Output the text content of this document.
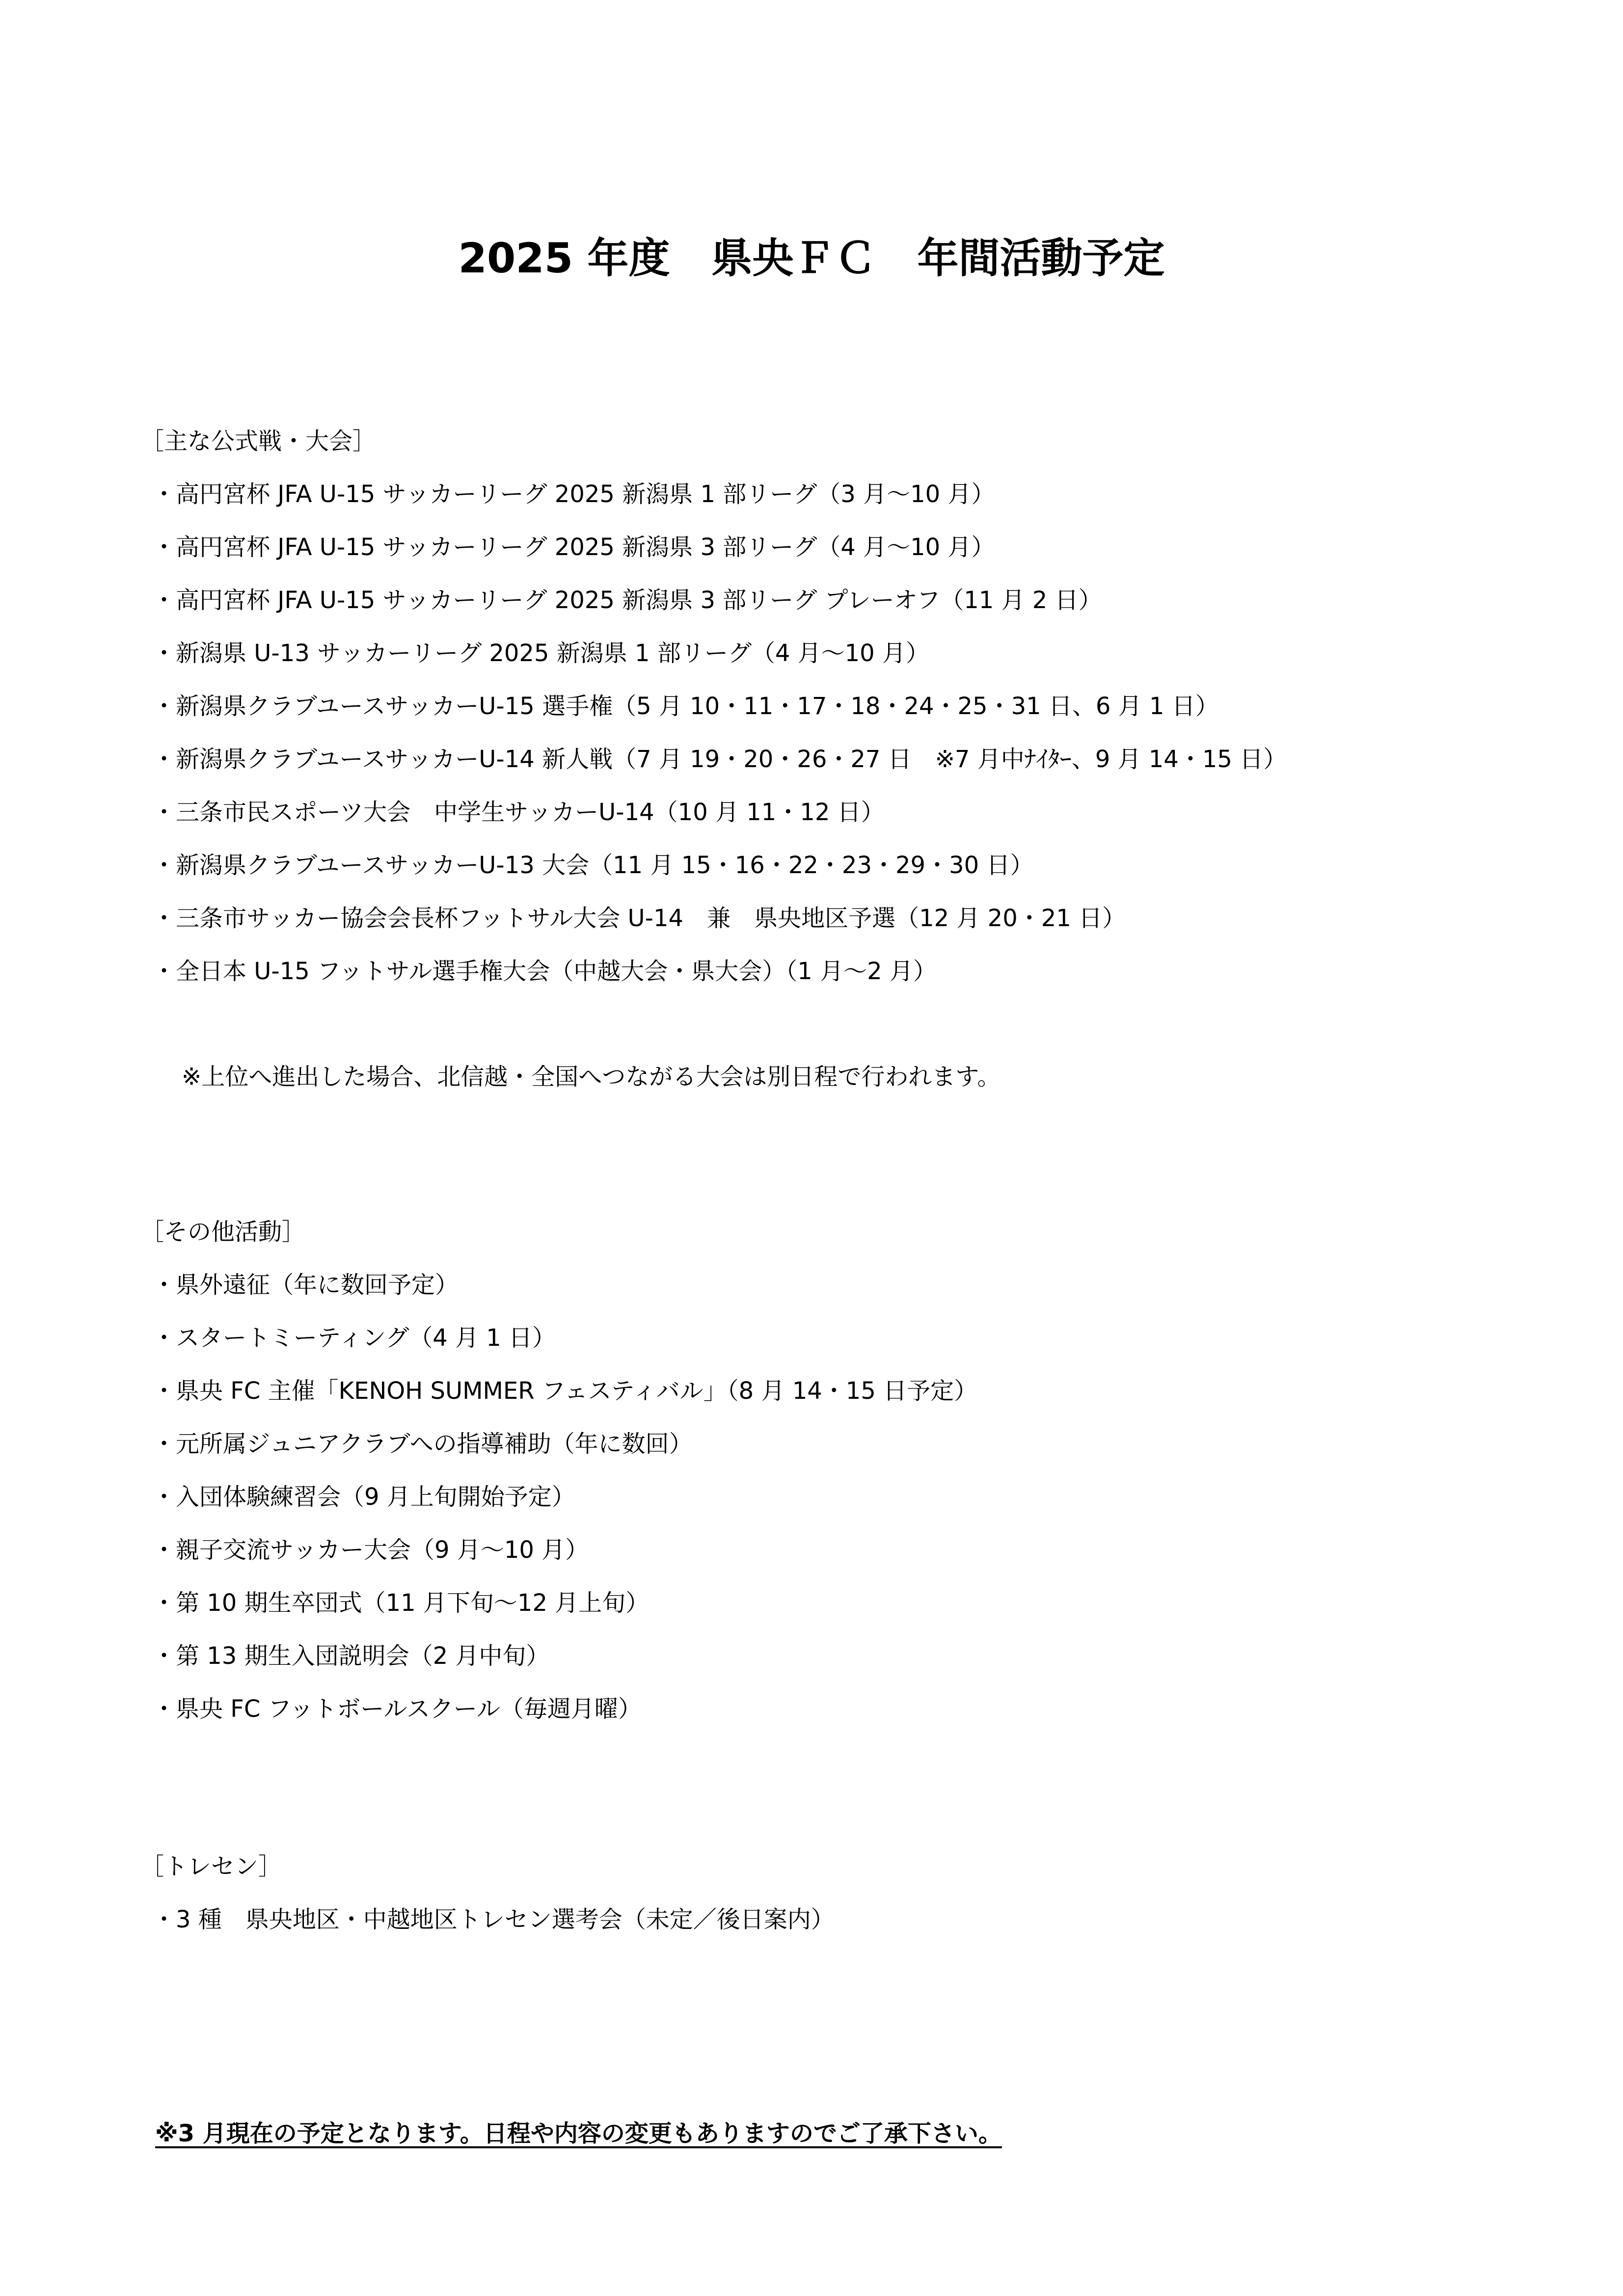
2025 年度　県央ＦＣ　年間活動予定
［主な公式戦・大会］
・高円宮杯 JFA U-15 サッカーリーグ 2025 新潟県 1 部リーグ（3 月～10 月）
・高円宮杯 JFA U-15 サッカーリーグ 2025 新潟県 3 部リーグ（4 月～10 月）
・高円宮杯 JFA U-15 サッカーリーグ 2025 新潟県 3 部リーグ プレーオフ（11 月 2 日）
・新潟県 U-13 サッカーリーグ 2025 新潟県 1 部リーグ（4 月～10 月）
・新潟県クラブユースサッカーU-15 選手権（5 月 10・11・17・18・24・25・31 日、6 月 1 日）
・新潟県クラブユースサッカーU-14 新人戦（7 月 19・20・26・27 日　※7 月中ﾅｲﾀｰ、9 月 14・15 日）
・三条市民スポーツ大会　中学生サッカーU-14（10 月 11・12 日）
・新潟県クラブユースサッカーU-13 大会（11 月 15・16・22・23・29・30 日）
・三条市サッカー協会会長杯フットサル大会 U-14　兼　県央地区予選（12 月 20・21 日）
・全日本 U-15 フットサル選手権大会（中越大会・県大会）（1 月～2 月）
※上位へ進出した場合、北信越・全国へつながる大会は別日程で行われます。
［その他活動］
・県外遠征（年に数回予定）
・スタートミーティング（4 月 1 日）
・県央 FC 主催「KENOH SUMMER フェスティバル」（8 月 14・15 日予定）
・元所属ジュニアクラブへの指導補助（年に数回）
・入団体験練習会（9 月上旬開始予定）
・親子交流サッカー大会（9 月～10 月）
・第 10 期生卒団式（11 月下旬～12 月上旬）
・第 13 期生入団説明会（2 月中旬）
・県央 FC フットボールスクール（毎週月曜）
［トレセン］
・3 種　県央地区・中越地区トレセン選考会（未定／後日案内）
※3 月現在の予定となります。日程や内容の変更もありますのでご了承下さい。
